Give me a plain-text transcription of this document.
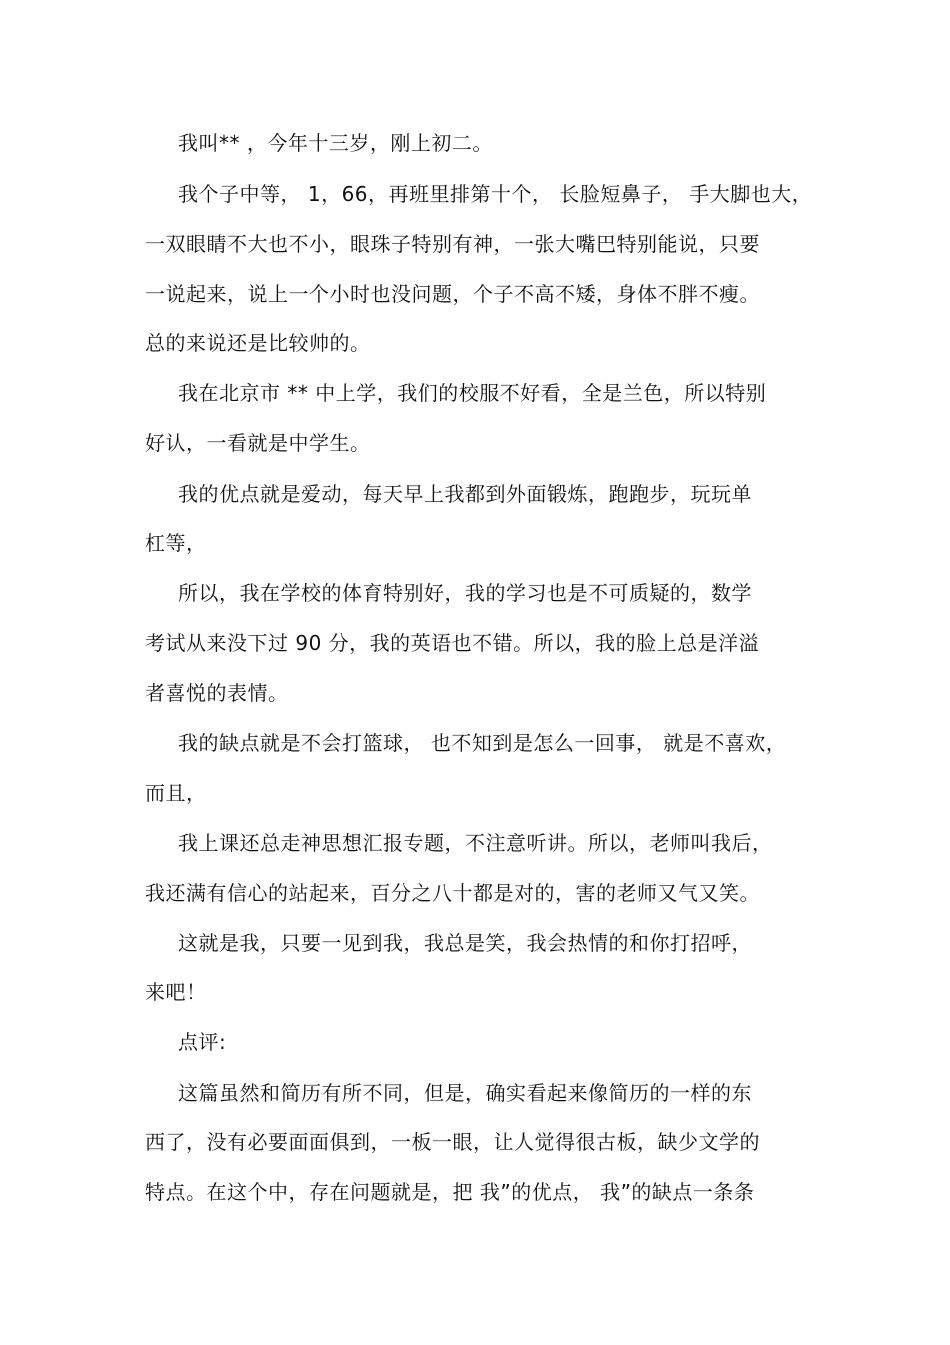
我叫** ，今年十三岁，刚上初二。
我个子中等， 1，66，再班里排第十个， 长脸短鼻子， 手大脚也大，
一双眼睛不大也不小，眼珠子特别有神，一张大嘴巴特别能说，只要
一说起来，说上一个小时也没问题，个子不高不矮，身体不胖不瘦。
总的来说还是比较帅的。
我在北京市 ** 中上学，我们的校服不好看，全是兰色，所以特别
好认，一看就是中学生。
我的优点就是爱动，每天早上我都到外面锻炼，跑跑步，玩玩单
杠等，
所以，我在学校的体育特别好，我的学习也是不可质疑的，数学
考试从来没下过 90 分，我的英语也不错。所以，我的脸上总是洋溢
者喜悦的表情。
我的缺点就是不会打篮球， 也不知到是怎么一回事， 就是不喜欢，
而且，
我上课还总走神思想汇报专题，不注意听讲。所以，老师叫我后，
我还满有信心的站起来，百分之八十都是对的，害的老师又气又笑。
这就是我，只要一见到我，我总是笑，我会热情的和你打招呼，
来吧！
点评:
这篇虽然和简历有所不同，但是，确实看起来像简历的一样的东
西了，没有必要面面俱到，一板一眼，让人觉得很古板，缺少文学的
特点。在这个中，存在问题就是，把 我”的优点， 我”的缺点一条条
